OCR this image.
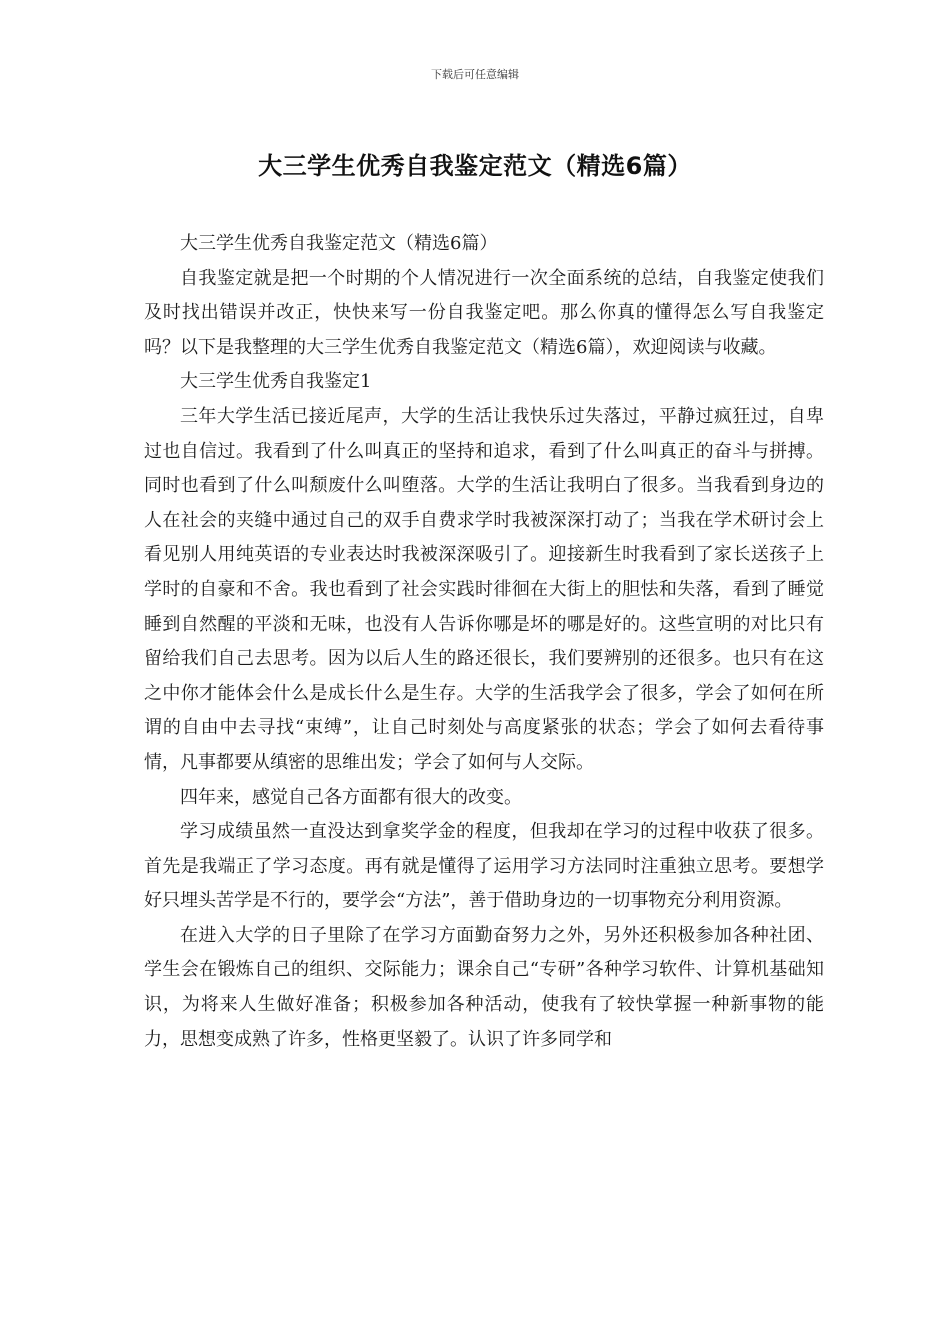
下载后可任意编辑
大三学生优秀自我鉴定范文（精选6篇）

大三学生优秀自我鉴定范文（精选6篇）

自我鉴定就是把一个时期的个人情况进行一次全面系统的总结，自我鉴定使我们及时找出错误并改正，快快来写一份自我鉴定吧。那么你真的懂得怎么写自我鉴定吗？以下是我整理的大三学生优秀自我鉴定范文（精选6篇），欢迎阅读与收藏。

大三学生优秀自我鉴定1

三年大学生活已接近尾声，大学的生活让我快乐过失落过，平静过疯狂过，自卑过也自信过。我看到了什么叫真正的坚持和追求，看到了什么叫真正的奋斗与拼搏。同时也看到了什么叫颓废什么叫堕落。大学的生活让我明白了很多。当我看到身边的人在社会的夹缝中通过自己的双手自费求学时我被深深打动了；当我在学术研讨会上看见别人用纯英语的专业表达时我被深深吸引了。迎接新生时我看到了家长送孩子上学时的自豪和不舍。我也看到了社会实践时徘徊在大街上的胆怯和失落，看到了睡觉睡到自然醒的平淡和无味，也没有人告诉你哪是坏的哪是好的。这些宣明的对比只有留给我们自己去思考。因为以后人生的路还很长，我们要辨别的还很多。也只有在这之中你才能体会什么是成长什么是生存。大学的生活我学会了很多，学会了如何在所谓的自由中去寻找“束缚”，让自己时刻处与高度紧张的状态；学会了如何去看待事情，凡事都要从缜密的思维出发；学会了如何与人交际。

四年来，感觉自己各方面都有很大的改变。

学习成绩虽然一直没达到拿奖学金的程度，但我却在学习的过程中收获了很多。首先是我端正了学习态度。再有就是懂得了运用学习方法同时注重独立思考。要想学好只埋头苦学是不行的，要学会“方法”，善于借助身边的一切事物充分利用资源。

在进入大学的日子里除了在学习方面勤奋努力之外，另外还积极参加各种社团、学生会在锻炼自己的组织、交际能力；课余自己“专研”各种学习软件、计算机基础知识，为将来人生做好准备；积极参加各种活动，使我有了较快掌握一种新事物的能力，思想变成熟了许多，性格更坚毅了。认识了许多同学和
